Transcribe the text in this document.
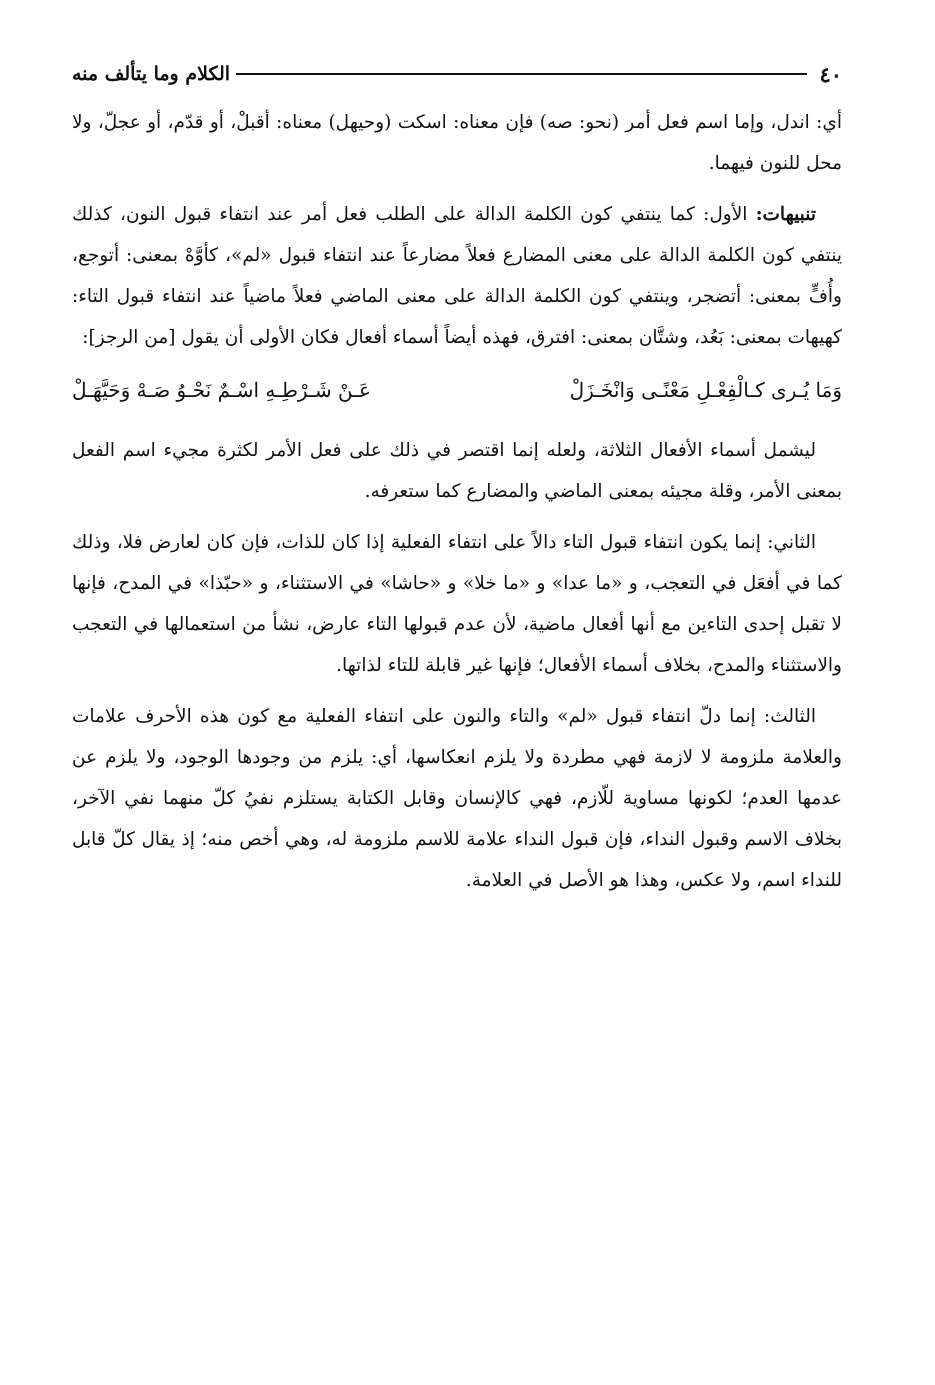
٤٠
الكلام وما يتألف منه

أي: اندل، وإما اسم فعل أمر (نحو: صه) فإن معناه: اسكت (وحيهل) معناه: أقبلْ، أو قدّم، أو عجلّ، ولا محل للنون فيهما.

تنبيهات: الأول: كما ينتفي كون الكلمة الدالة على الطلب فعل أمر عند انتفاء قبول النون، كذلك ينتفي كون الكلمة الدالة على معنى المضارع فعلاً مضارعاً عند انتفاء قبول «لم»، كأوَّهْ بمعنى: أتوجع، وأُفٍّ بمعنى: أتضجر، وينتفي كون الكلمة الدالة على معنى الماضي فعلاً ماضياً عند انتفاء قبول التاء: كهيهات بمعنى: بَعُد، وشتَّان بمعنى: افترق، فهذه أيضاً أسماء أفعال فكان الأولى أن يقول [من الرجز]:

وَمَا يُـرى كـالْفِعْـلِ مَعْنًـى وَانْخَـزَلْ
عَـنْ شَـرْطِـهِ اسْـمٌ نَحْـوُ صَـهْ وَحَيَّهَـلْ

ليشمل أسماء الأفعال الثلاثة، ولعله إنما اقتصر في ذلك على فعل الأمر لكثرة مجيء اسم الفعل بمعنى الأمر، وقلة مجيئه بمعنى الماضي والمضارع كما ستعرفه.

الثاني: إنما يكون انتفاء قبول التاء دالاً على انتفاء الفعلية إذا كان للذات، فإن كان لعارض فلا، وذلك كما في أفعَل في التعجب، و «ما عدا» و «ما خلا» و «حاشا» في الاستثناء، و «حبّذا» في المدح، فإنها لا تقبل إحدى التاءين مع أنها أفعال ماضية، لأن عدم قبولها التاء عارض، نشأ من استعمالها في التعجب والاستثناء والمدح، بخلاف أسماء الأفعال؛ فإنها غير قابلة للتاء لذاتها.

الثالث: إنما دلّ انتفاء قبول «لم» والتاء والنون على انتفاء الفعلية مع كون هذه الأحرف علامات والعلامة ملزومة لا لازمة فهي مطردة ولا يلزم انعكاسها، أي: يلزم من وجودها الوجود، ولا يلزم عن عدمها العدم؛ لكونها مساوية للّازم، فهي كالإنسان وقابل الكتابة يستلزم نفيُ كلّ منهما نفي الآخر، بخلاف الاسم وقبول النداء، فإن قبول النداء علامة للاسم ملزومة له، وهي أخص منه؛ إذ يقال كلّ قابل للنداء اسم، ولا عكس، وهذا هو الأصل في العلامة.
